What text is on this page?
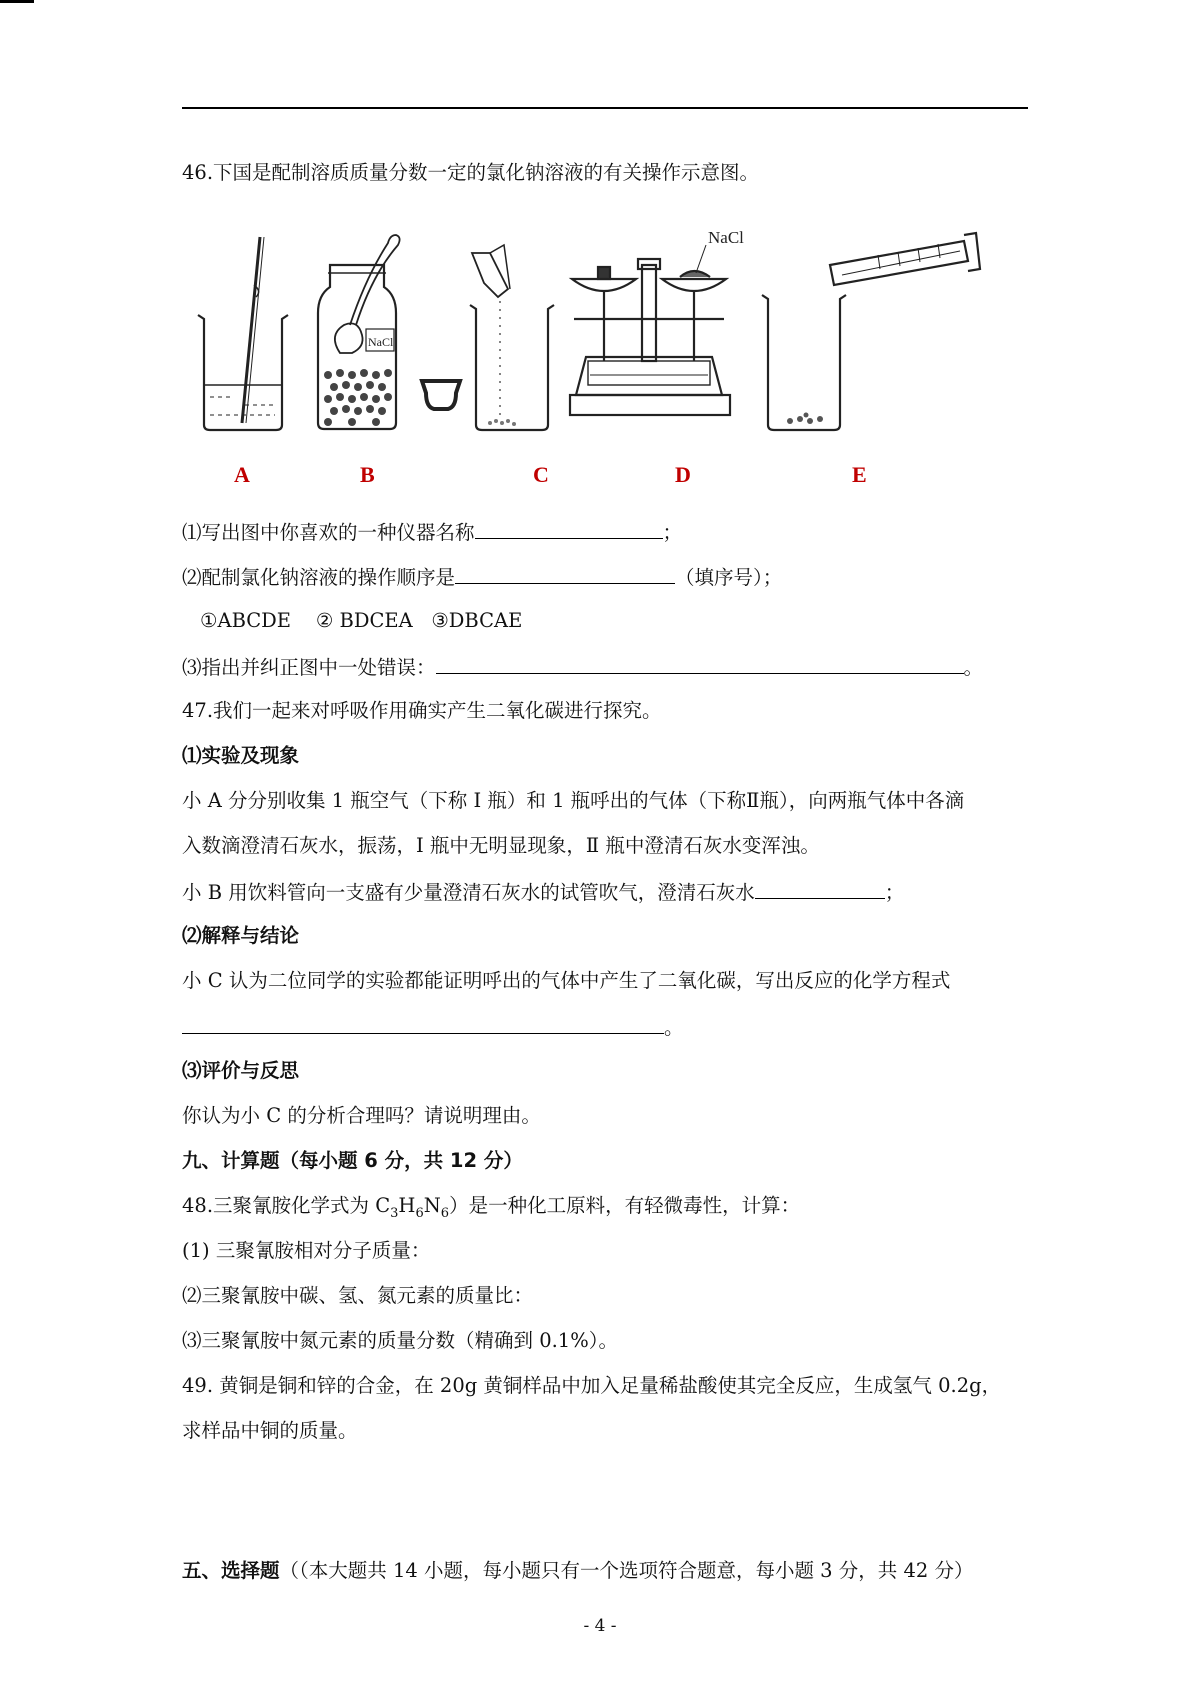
46.下国是配制溶质质量分数一定的氯化钠溶液的有关操作示意图。
NaCl
NaCl
A	B	C	D	E
⑴写出图中你喜欢的一种仪器名称	；
⑵配制氯化钠溶液的操作顺序是	（填序号）；
①ABCDE    ② BDCEA   ③DBCAE
⑶指出并纠正图中一处错误：	。
47.我们一起来对呼吸作用确实产生二氧化碳进行探究。
⑴实验及现象
小 A 分分别收集 1 瓶空气（下称 Ⅰ 瓶）和 1 瓶呼出的气体（下称Ⅱ瓶），向两瓶气体中各滴
入数滴澄清石灰水，振荡，Ⅰ 瓶中无明显现象，Ⅱ 瓶中澄清石灰水变浑浊。
小 B 用饮料管向一支盛有少量澄清石灰水的试管吹气，澄清石灰水	；
⑵解释与结论
小 C 认为二位同学的实验都能证明呼出的气体中产生了二氧化碳，写出反应的化学方程式
。
⑶评价与反思
你认为小 C 的分析合理吗？请说明理由。
九、计算题（每小题 6 分，共 12 分）
48.三聚氰胺化学式为 $C_3H_6N_6$）是一种化工原料，有轻微毒性，计算：
(1) 三聚氰胺相对分子质量：
⑵三聚氰胺中碳、氢、氮元素的质量比：
⑶三聚氰胺中氮元素的质量分数（精确到 0.1%）。
49. 黄铜是铜和锌的合金，在 20g 黄铜样品中加入足量稀盐酸使其完全反应，生成氢气 0.2g，
求样品中铜的质量。
五、选择题（（本大题共 14 小题，每小题只有一个选项符合题意，每小题 3 分，共 42 分）
- 4 -
